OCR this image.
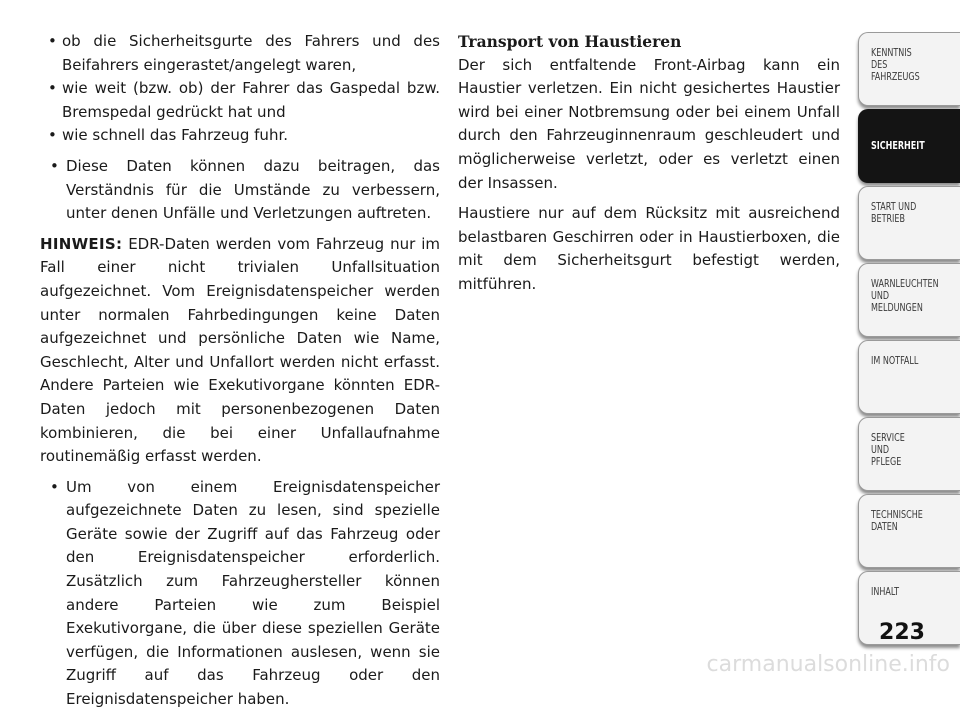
• ob die Sicherheitsgurte des Fahrers und des Beifahrers eingerastet/angelegt waren,
• wie weit (bzw. ob) der Fahrer das Gaspedal bzw. Bremspedal gedrückt hat und
• wie schnell das Fahrzeug fuhr.
• Diese Daten können dazu beitragen, das Verständnis für die Umstände zu verbessern, unter denen Unfälle und Verletzungen auftreten.

HINWEIS: EDR-Daten werden vom Fahrzeug nur im Fall einer nicht trivialen Unfallsituation aufgezeichnet. Vom Ereignisdatenspeicher werden unter normalen Fahrbedingungen keine Daten aufgezeichnet und persönliche Daten wie Name, Geschlecht, Alter und Unfallort werden nicht erfasst. Andere Parteien wie Exekutivorgane könnten EDR-Daten jedoch mit personenbezogenen Daten kombinieren, die bei einer Unfallaufnahme routinemäßig erfasst werden.

• Um von einem Ereignisdatenspeicher aufgezeichnete Daten zu lesen, sind spezielle Geräte sowie der Zugriff auf das Fahrzeug oder den Ereignisdatenspeicher erforderlich. Zusätzlich zum Fahrzeughersteller können andere Parteien wie zum Beispiel Exekutivorgane, die über diese speziellen Geräte verfügen, die Informationen auslesen, wenn sie Zugriff auf das Fahrzeug oder den Ereignisdatenspeicher haben.
Transport von Haustieren

Der sich entfaltende Front-Airbag kann ein Haustier verletzen. Ein nicht gesichertes Haustier wird bei einer Notbremsung oder bei einem Unfall durch den Fahrzeuginnenraum geschleudert und möglicherweise verletzt, oder es verletzt einen der Insassen.

Haustiere nur auf dem Rücksitz mit ausreichend belastbaren Geschirren oder in Haustierboxen, die mit dem Sicherheitsgurt befestigt werden, mitführen.

KENNTNIS
DES
FAHRZEUGS
SICHERHEIT
START UND
BETRIEB
WARNLEUCHTEN
UND
MELDUNGEN
IM NOTFALL
SERVICE
UND
PFLEGE
TECHNISCHE
DATEN
INHALT
223
carmanualsonline.info
